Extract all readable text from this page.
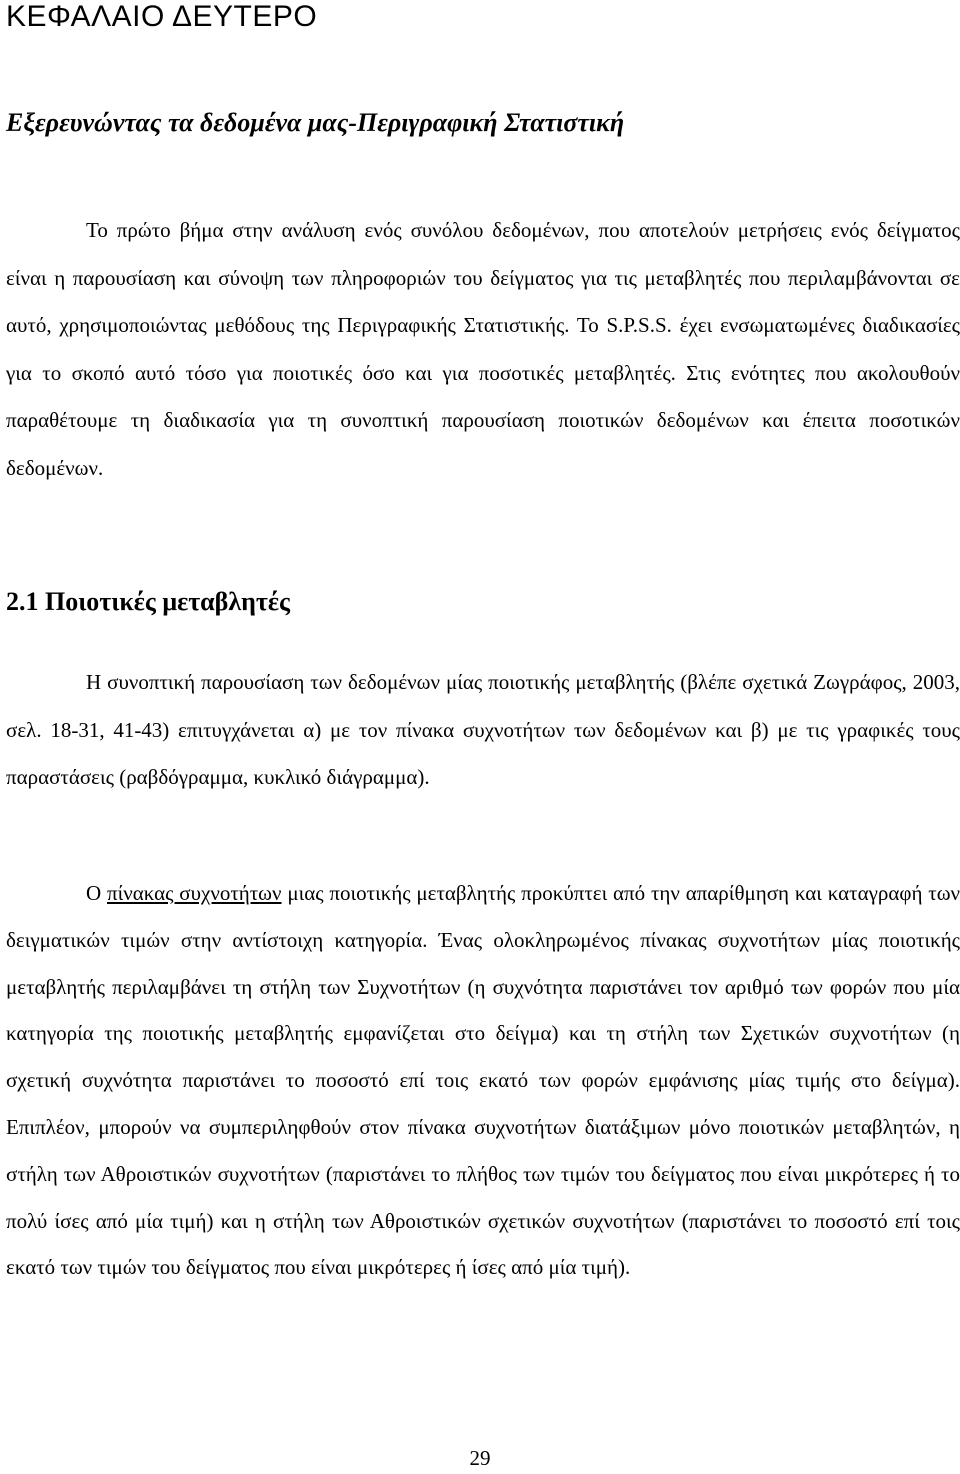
ΚΕΦΑΛΑΙΟ ΔΕΥΤΕΡΟ
Εξερευνώντας τα δεδομένα μας-Περιγραφική Στατιστική

Το πρώτο βήμα στην ανάλυση ενός συνόλου δεδομένων, που αποτελούν μετρήσεις ενός δείγματος είναι η παρουσίαση και σύνοψη των πληροφοριών του δείγματος για τις μεταβλητές που περιλαμβάνονται σε αυτό, χρησιμοποιώντας μεθόδους της Περιγραφικής Στατιστικής. Το S.P.S.S. έχει ενσωματωμένες διαδικασίες για το σκοπό αυτό τόσο για ποιοτικές όσο και για ποσοτικές μεταβλητές. Στις ενότητες που ακολουθούν παραθέτουμε τη διαδικασία για τη συνοπτική παρουσίαση ποιοτικών δεδομένων και έπειτα ποσοτικών δεδομένων.

2.1 Ποιοτικές μεταβλητές

Η συνοπτική παρουσίαση των δεδομένων μίας ποιοτικής μεταβλητής (βλέπε σχετικά Ζωγράφος, 2003, σελ. 18-31, 41-43) επιτυγχάνεται α) με τον πίνακα συχνοτήτων των δεδομένων και β) με τις γραφικές τους παραστάσεις (ραβδόγραμμα, κυκλικό διάγραμμα).

Ο πίνακας συχνοτήτων μιας ποιοτικής μεταβλητής προκύπτει από την απαρίθμηση και καταγραφή των δειγματικών τιμών στην αντίστοιχη κατηγορία. Ένας ολοκληρωμένος πίνακας συχνοτήτων μίας ποιοτικής μεταβλητής περιλαμβάνει τη στήλη των Συχνοτήτων (η συχνότητα παριστάνει τον αριθμό των φορών που μία κατηγορία της ποιοτικής μεταβλητής εμφανίζεται στο δείγμα) και τη στήλη των Σχετικών συχνοτήτων (η σχετική συχνότητα παριστάνει το ποσοστό επί τοις εκατό των φορών εμφάνισης μίας τιμής στο δείγμα). Επιπλέον, μπορούν να συμπεριληφθούν στον πίνακα συχνοτήτων διατάξιμων μόνο ποιοτικών μεταβλητών, η στήλη των Αθροιστικών συχνοτήτων (παριστάνει το πλήθος των τιμών του δείγματος που είναι μικρότερες ή το πολύ ίσες από μία τιμή) και η στήλη των Αθροιστικών σχετικών συχνοτήτων (παριστάνει το ποσοστό επί τοις εκατό των τιμών του δείγματος που είναι μικρότερες ή ίσες από μία τιμή).

29
